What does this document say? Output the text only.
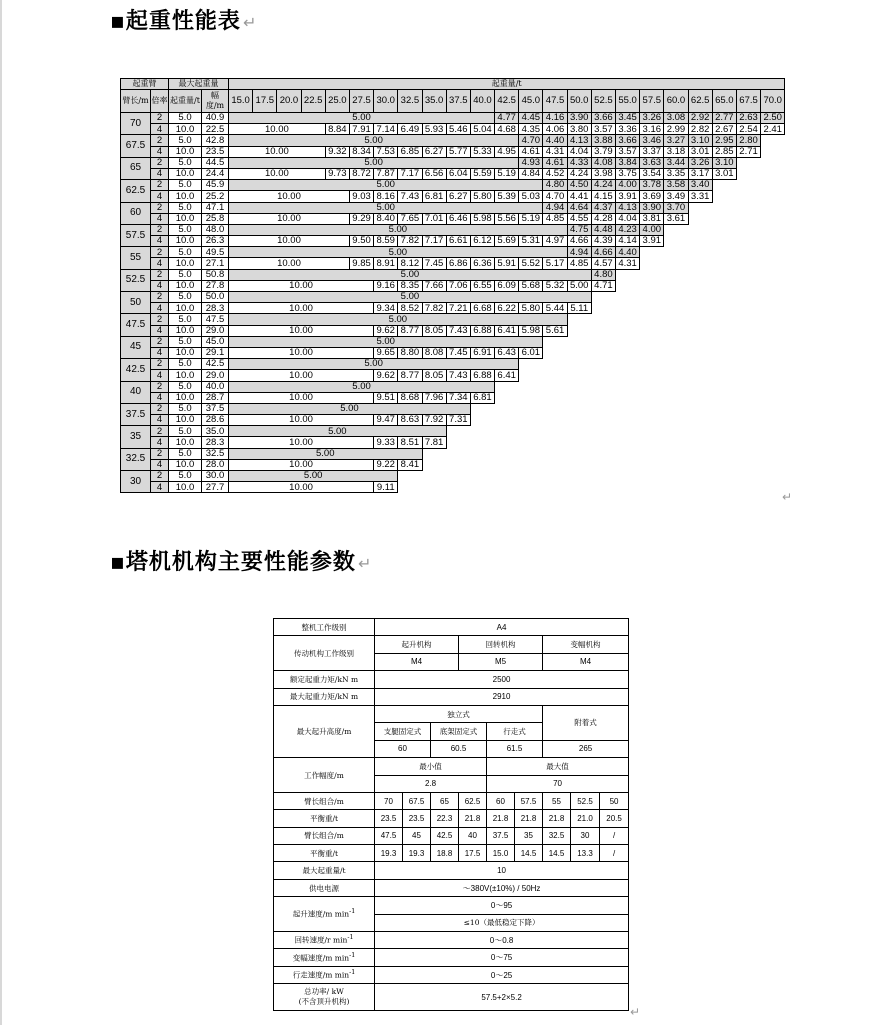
▪起重性能表 ↵
起重臂		最大起重量		起重量/t																						
臂长/m	倍率	起重量/t	幅度/m	15.0	17.5	20.0	22.5	25.0	27.5	30.0	32.5	35.0	37.5	40.0	42.5	45.0	47.5	50.0	52.5	55.0	57.5	60.0	62.5	65.0	67.5	70.0
70	2	5.0	40.9	5.00											4.77	4.45	4.16	3.90	3.66	3.45	3.26	3.08	2.92	2.77	2.63	2.50
	4	10.0	22.5	10.00				8.84	7.91	7.14	6.49	5.93	5.46	5.04	4.68	4.35	4.06	3.80	3.57	3.36	3.16	2.99	2.82	2.67	2.54	2.41
67.5	2	5.0	42.8	5.00												4.70	4.40	4.13	3.88	3.66	3.46	3.27	3.10	2.95	2.80	
	4	10.0	23.5	10.00				9.32	8.34	7.53	6.85	6.27	5.77	5.33	4.95	4.61	4.31	4.04	3.79	3.57	3.37	3.18	3.01	2.85	2.71	
65	2	5.0	44.5	5.00												4.93	4.61	4.33	4.08	3.84	3.63	3.44	3.26	3.10		
	4	10.0	24.4	10.00				9.73	8.72	7.87	7.17	6.56	6.04	5.59	5.19	4.84	4.52	4.24	3.98	3.75	3.54	3.35	3.17	3.01		
62.5	2	5.0	45.9	5.00													4.80	4.50	4.24	4.00	3.78	3.58	3.40			
	4	10.0	25.2	10.00					9.03	8.16	7.43	6.81	6.27	5.80	5.39	5.03	4.70	4.41	4.15	3.91	3.69	3.49	3.31			
60	2	5.0	47.1	5.00													4.94	4.64	4.37	4.13	3.90	3.70				
	4	10.0	25.8	10.00					9.29	8.40	7.65	7.01	6.46	5.98	5.56	5.19	4.85	4.55	4.28	4.04	3.81	3.61				
57.5	2	5.0	48.0	5.00														4.75	4.48	4.23	4.00					
	4	10.0	26.3	10.00					9.50	8.59	7.82	7.17	6.61	6.12	5.69	5.31	4.97	4.66	4.39	4.14	3.91					
55	2	5.0	49.5	5.00														4.94	4.66	4.40						
	4	10.0	27.1	10.00					9.85	8.91	8.12	7.45	6.86	6.36	5.91	5.52	5.17	4.85	4.57	4.31						
52.5	2	5.0	50.8	5.00															4.80							
	4	10.0	27.8	10.00						9.16	8.35	7.66	7.06	6.55	6.09	5.68	5.32	5.00	4.71							
50	2	5.0	50.0	5.00																						
	4	10.0	28.3	10.00						9.34	8.52	7.82	7.21	6.68	6.22	5.80	5.44	5.11								
47.5	2	5.0	47.5	5.00																						
	4	10.0	29.0	10.00						9.62	8.77	8.05	7.43	6.88	6.41	5.98	5.61									
45	2	5.0	45.0	5.00																						
	4	10.0	29.1	10.00						9.65	8.80	8.08	7.45	6.91	6.43	6.01										
42.5	2	5.0	42.5	5.00																						
	4	10.0	29.0	10.00						9.62	8.77	8.05	7.43	6.88	6.41											
40	2	5.0	40.0	5.00																						
	4	10.0	28.7	10.00						9.51	8.68	7.96	7.34	6.81												
37.5	2	5.0	37.5	5.00																						
	4	10.0	28.6	10.00						9.47	8.63	7.92	7.31													
35	2	5.0	35.0	5.00																						
	4	10.0	28.3	10.00						9.33	8.51	7.81														
32.5	2	5.0	32.5	5.00																						
	4	10.0	28.0	10.00						9.22	8.41															
30	2	5.0	30.0	5.00																						
	4	10.0	27.7	10.00						9.11																
↵
▪塔机机构主要性能参数 ↵
整机工作级别	A4								
传动机构工作级别	起升机构			回转机构			变幅机构		
	M4			M5			M4		
额定起重力矩/kN m	2500								
最大起重力矩/kN m	2910								
最大起升高度/m	独立式						附着式		
	支腿固定式		底架固定式		行走式				
	60		60.5		61.5		265		
工作幅度/m	最小值				最大值				
	2.8				70				
臂长组合/m	70	67.5	65	62.5	60	57.5	55	52.5	50
平衡重/t	23.5	23.5	22.3	21.8	21.8	21.8	21.8	21.0	20.5
臂长组合/m	47.5	45	42.5	40	37.5	35	32.5	30	/
平衡重/t	19.3	19.3	18.8	17.5	15.0	14.5	14.5	13.3	/
最大起重量/t	10								
供电电源	～380V(±10%) / 50Hz								
起升速度/m $\min^{-1}$	0～95								
	≤10（最低稳定下降）								
回转速度/r $\min^{-1}$	0～0.8								
变幅速度/m $\min^{-1}$	0～75								
行走速度/m $\min^{-1}$	0～25								
总功率/ kW
(不含顶升机构)	57.5+2×5.2								
↵
